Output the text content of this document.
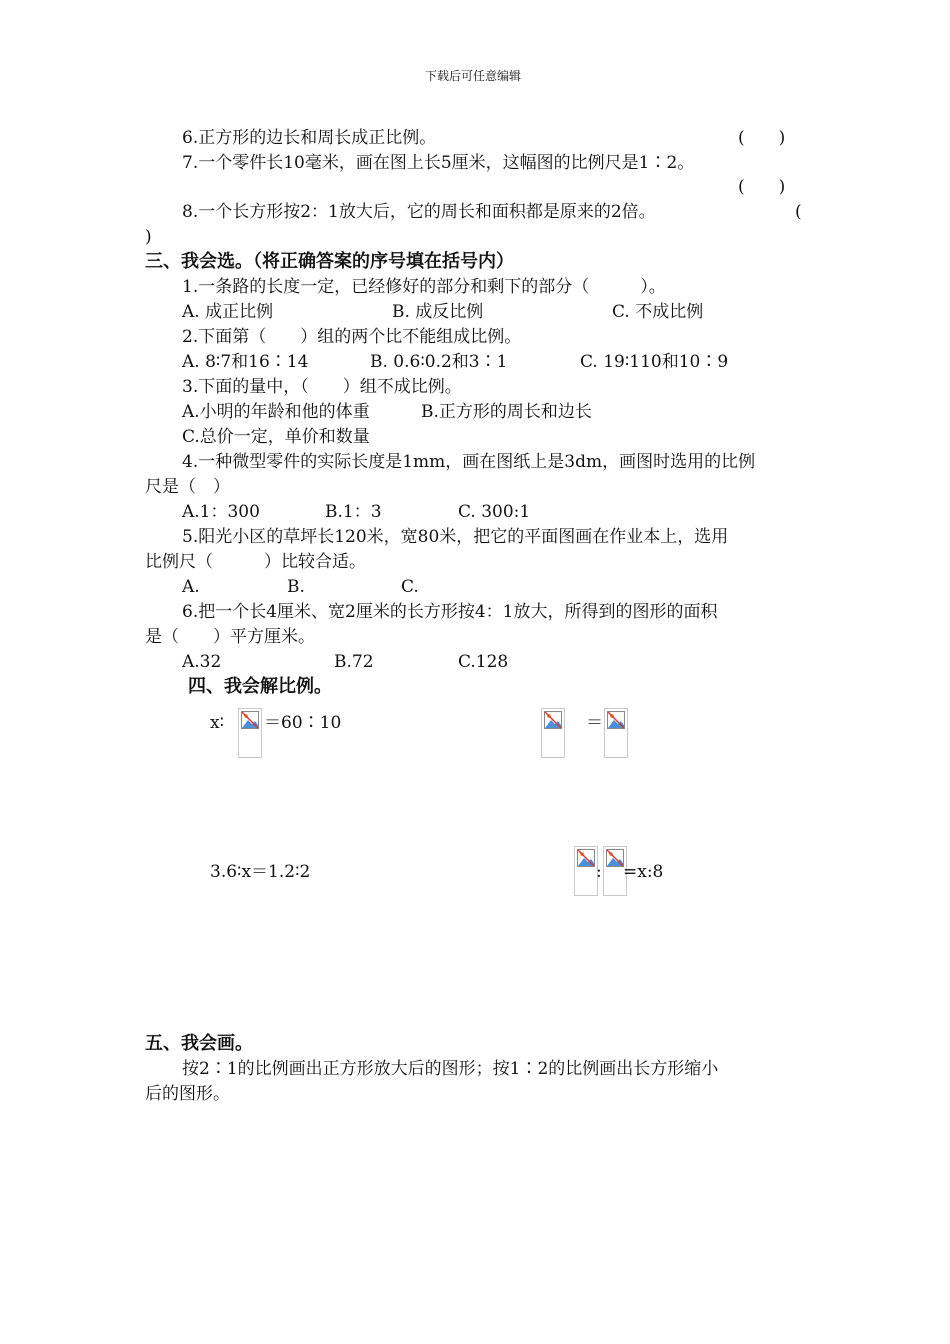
下载后可任意编辑
6.正方形的边长和周长成正比例。	(　　)
7.一个零件长10毫米，画在图上长5厘米，这幅图的比例尺是1∶2。
(　　)
8.一个长方形按2：1放大后，它的周长和面积都是原来的2倍。	(
)
三、我会选。（将正确答案的序号填在括号内）
1.一条路的长度一定，已经修好的部分和剩下的部分（　　　）。
A. 成正比例	B. 成反比例	C. 不成比例
2.下面第（　　）组的两个比不能组成比例。
A. 8∶7和16∶14	B. 0.6∶0.2和3∶1	C. 19∶110和10∶9
3.下面的量中，（　　）组不成比例。
A.小明的年龄和他的体重	B.正方形的周长和边长
C.总价一定，单价和数量
4.一种微型零件的实际长度是1mm，画在图纸上是3dm，画图时选用的比例
尺是（　）
A.1：300	B.1：3	C. 300:1
5.阳光小区的草坪长120米，宽80米，把它的平面图画在作业本上，选用
比例尺（　　　）比较合适。
A.	B.	C.
6.把一个长4厘米、宽2厘米的长方形按4：1放大，所得到的图形的面积
是（　　）平方厘米。
A.32	B.72	C.128
四、我会解比例。
x∶ ＝60∶10	＝
3.6∶x＝1.2∶2	: =x:8
五、我会画。
按2∶1的比例画出正方形放大后的图形；按1∶2的比例画出长方形缩小
后的图形。
